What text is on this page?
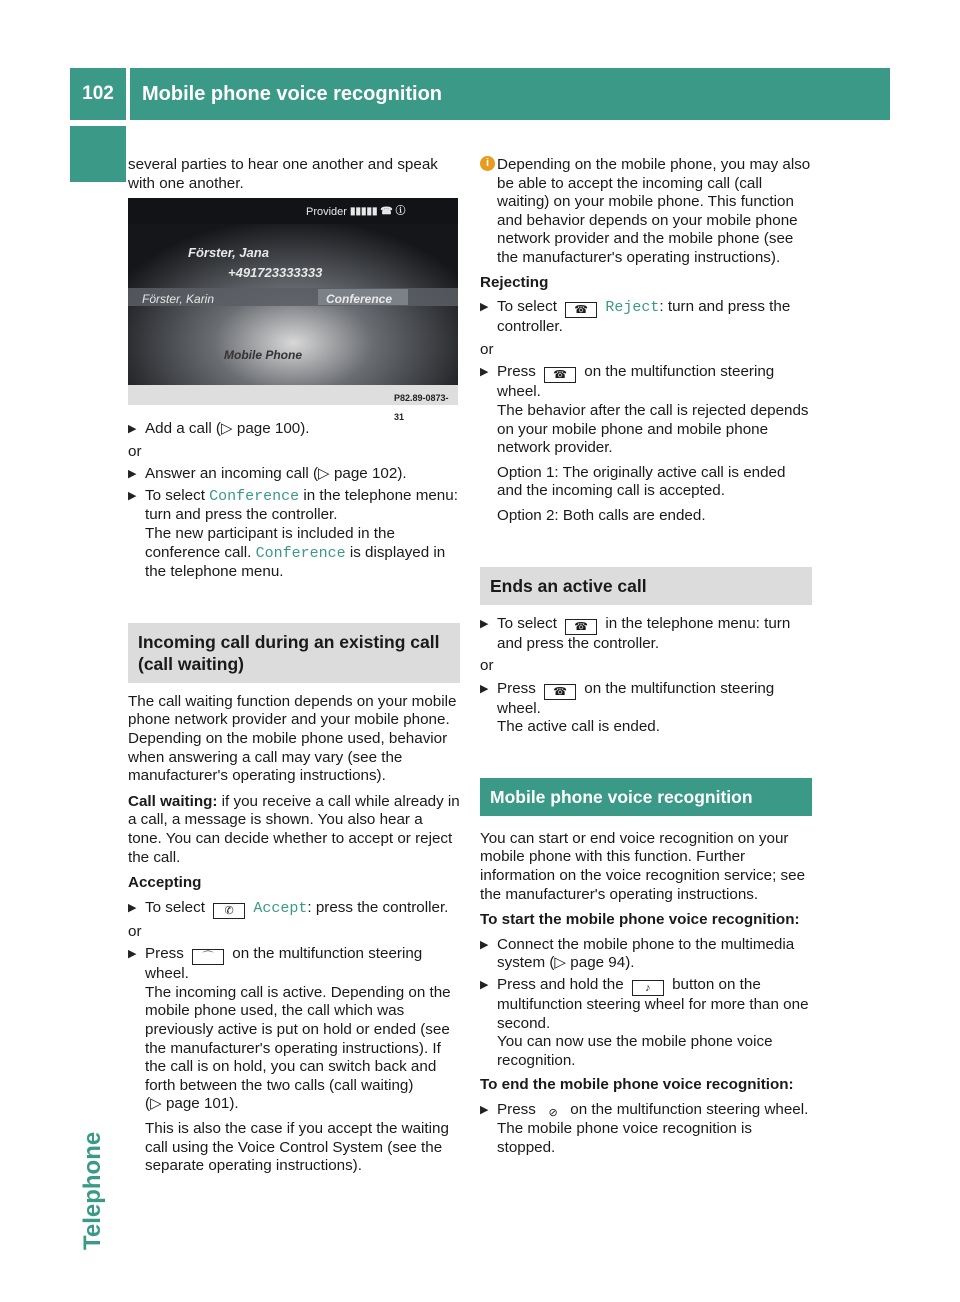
102	Mobile phone voice recognition
Telephone

several parties to hear one another and speak with one another.

Provider ▮▮▮▮▮ ☎ ⓘ
Förster, Jana
+491723333333
Förster, Karin	Conference
Mobile Phone
P82.89-0873-31
▶ Add a call (▷ page 100).
or
▶ Answer an incoming call (▷ page 102).
▶ To select Conference in the telephone menu: turn and press the controller.
The new participant is included in the conference call. Conference is displayed in the telephone menu.
Incoming call during an existing call (call waiting)

The call waiting function depends on your mobile phone network provider and your mobile phone. Depending on the mobile phone used, behavior when answering a call may vary (see the manufacturer's operating instructions).

Call waiting: if you receive a call while already in a call, a message is shown. You also hear a tone. You can decide whether to accept or reject the call.

Accepting
▶ To select ✆ Accept: press the controller.
or
▶ Press ⌒ on the multifunction steering wheel.
The incoming call is active. Depending on the mobile phone used, the call which was previously active is put on hold or ended (see the manufacturer's operating instructions). If the call is on hold, you can switch back and forth between the two calls (call waiting)
(▷ page 101).
This is also the case if you accept the waiting call using the Voice Control System (see the separate operating instructions).
i Depending on the mobile phone, you may also be able to accept the incoming call (call waiting) on your mobile phone. This function and behavior depends on your mobile phone network provider and the mobile phone (see the manufacturer's operating instructions).
Rejecting
▶ To select ☎ Reject: turn and press the controller.
or
▶ Press ☎ on the multifunction steering wheel.
The behavior after the call is rejected depends on your mobile phone and mobile phone network provider.
Option 1: The originally active call is ended and the incoming call is accepted.
Option 2: Both calls are ended.
Ends an active call
▶ To select ☎ in the telephone menu: turn and press the controller.
or
▶ Press ☎ on the multifunction steering wheel.
The active call is ended.
Mobile phone voice recognition

You can start or end voice recognition on your mobile phone with this function. Further information on the voice recognition service; see the manufacturer's operating instructions.

To start the mobile phone voice recognition:
▶ Connect the mobile phone to the multimedia system (▷ page 94).
▶ Press and hold the ♪ button on the multifunction steering wheel for more than one second.
You can now use the mobile phone voice recognition.
To end the mobile phone voice recognition:
▶ Press ⊘ on the multifunction steering wheel.
The mobile phone voice recognition is stopped.
